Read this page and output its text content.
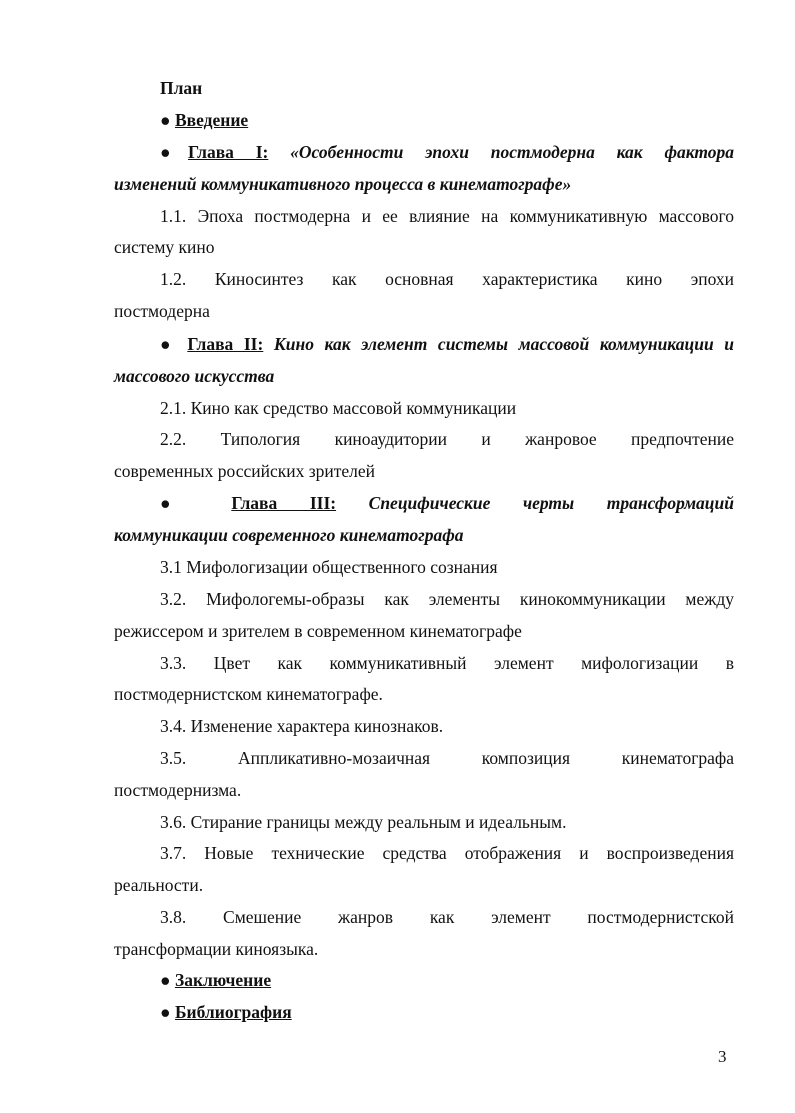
План
● Введение
●Глава I: «Особенности эпохи постмодерна как фактора
изменений коммуникативного процесса в кинематографе»
1.1. Эпоха постмодерна и ее влияние на коммуникативную массового
систему кино
1.2. Киносинтез как основная характеристика кино эпохи
постмодерна
● Глава II: Кино как элемент системы массовой коммуникации и
массового искусства
2.1. Кино как средство массовой коммуникации
2.2. Типология киноаудитории и жанровое предпочтение
современных российских зрителей
● Глава III: Специфические черты трансформаций
коммуникации современного кинематографа
3.1 Мифологизации общественного сознания
3.2. Мифологемы-образы как элементы кинокоммуникации между
режиссером и зрителем в современном кинематографе
3.3. Цвет как коммуникативный элемент мифологизации в
постмодернистском кинематографе.
3.4. Изменение характера кинознаков.
3.5. Аппликативно-мозаичная композиция кинематографа
постмодернизма.
3.6. Стирание границы между реальным и идеальным.
3.7. Новые технические средства отображения и воспроизведения
реальности.
3.8. Смешение жанров как элемент постмодернистской
трансформации киноязыка.
● Заключение
● Библиография
3
